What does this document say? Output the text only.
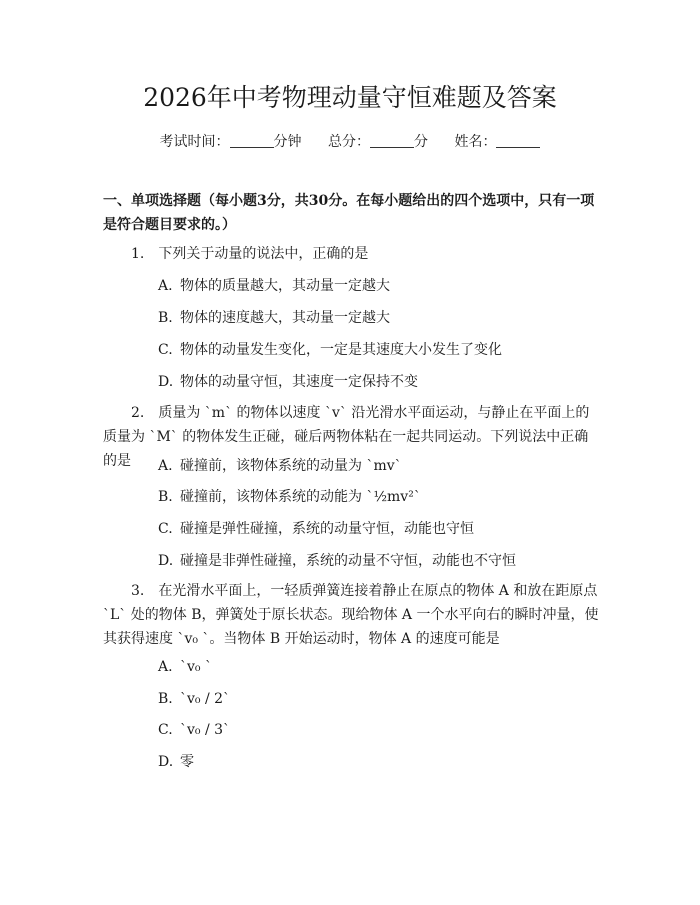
2026年中考物理动量守恒难题及答案
考试时间：	分钟 总分：	分 姓名：

一、单项选择题（每小题3分，共30分。在每小题给出的四个选项中，只有一项是符合题目要求的。）

1.　下列关于动量的说法中，正确的是

A. 物体的质量越大，其动量一定越大

B. 物体的速度越大，其动量一定越大

C. 物体的动量发生变化，一定是其速度大小发生了变化

D. 物体的动量守恒，其速度一定保持不变

2.　质量为 `m` 的物体以速度 `v` 沿光滑水平面运动，与静止在平面上的质量为 `M` 的物体发生正碰，碰后两物体粘在一起共同运动。下列说法中正确的是	A. 碰撞前，该物体系统的动量为 `mv`

B. 碰撞前，该物体系统的动能为 `½mv²`

C. 碰撞是弹性碰撞，系统的动量守恒，动能也守恒

D. 碰撞是非弹性碰撞，系统的动量不守恒，动能也不守恒

3.　在光滑水平面上，一轻质弹簧连接着静止在原点的物体 A 和放在距原点 `L` 处的物体 B，弹簧处于原长状态。现给物体 A 一个水平向右的瞬时冲量，使其获得速度 `v₀ `。当物体 B 开始运动时，物体 A 的速度可能是

A. `v₀ `

B. `v₀ / 2`

C. `v₀ / 3`

D. 零
